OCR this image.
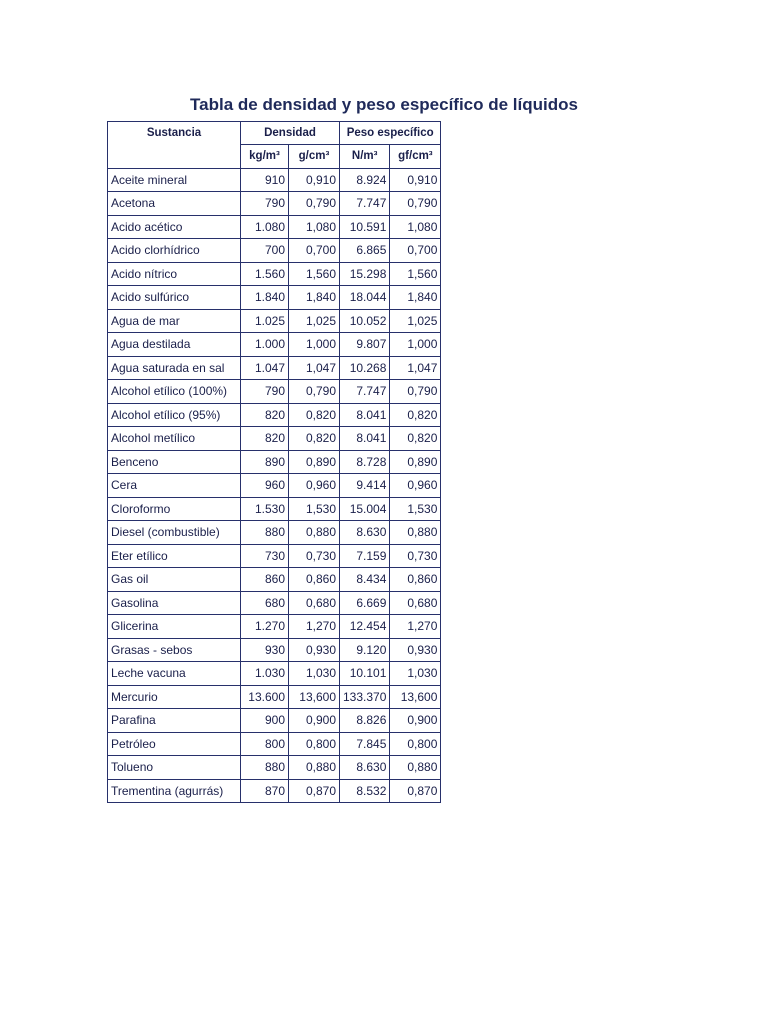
Tabla de densidad y peso específico de líquidos
Sustancia	Densidad		Peso específico	
	kg/m³	g/cm³	N/m³	gf/cm³
Aceite mineral	910	0,910	8.924	0,910
Acetona	790	0,790	7.747	0,790
Acido acético	1.080	1,080	10.591	1,080
Acido clorhídrico	700	0,700	6.865	0,700
Acido nítrico	1.560	1,560	15.298	1,560
Acido sulfúrico	1.840	1,840	18.044	1,840
Agua de mar	1.025	1,025	10.052	1,025
Agua destilada	1.000	1,000	9.807	1,000
Agua saturada en sal	1.047	1,047	10.268	1,047
Alcohol etílico (100%)	790	0,790	7.747	0,790
Alcohol etílico (95%)	820	0,820	8.041	0,820
Alcohol metílico	820	0,820	8.041	0,820
Benceno	890	0,890	8.728	0,890
Cera	960	0,960	9.414	0,960
Cloroformo	1.530	1,530	15.004	1,530
Diesel (combustible)	880	0,880	8.630	0,880
Eter etílico	730	0,730	7.159	0,730
Gas oil	860	0,860	8.434	0,860
Gasolina	680	0,680	6.669	0,680
Glicerina	1.270	1,270	12.454	1,270
Grasas - sebos	930	0,930	9.120	0,930
Leche vacuna	1.030	1,030	10.101	1,030
Mercurio	13.600	13,600	133.370	13,600
Parafina	900	0,900	8.826	0,900
Petróleo	800	0,800	7.845	0,800
Tolueno	880	0,880	8.630	0,880
Trementina (agurrás)	870	0,870	8.532	0,870
